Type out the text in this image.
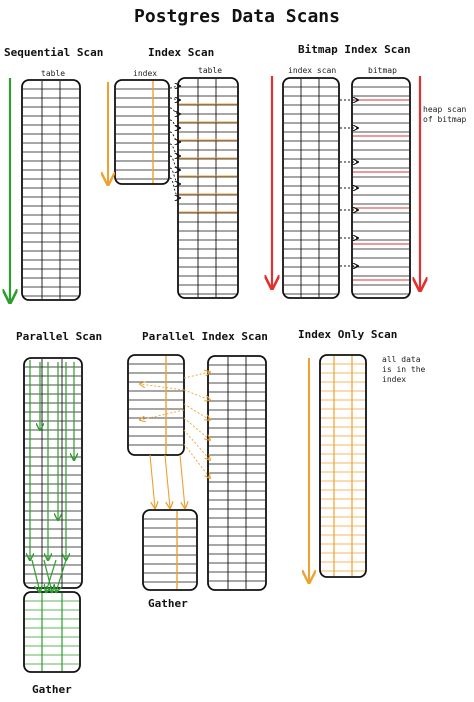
Postgres Data Scans
Sequential Scan
table
Index Scan
index	table
Bitmap Index Scan
index scan	bitmap
heap scan
of bitmap
Parallel Scan
Gather
Parallel Index Scan
Gather
Index Only Scan
all data
is in the
index
